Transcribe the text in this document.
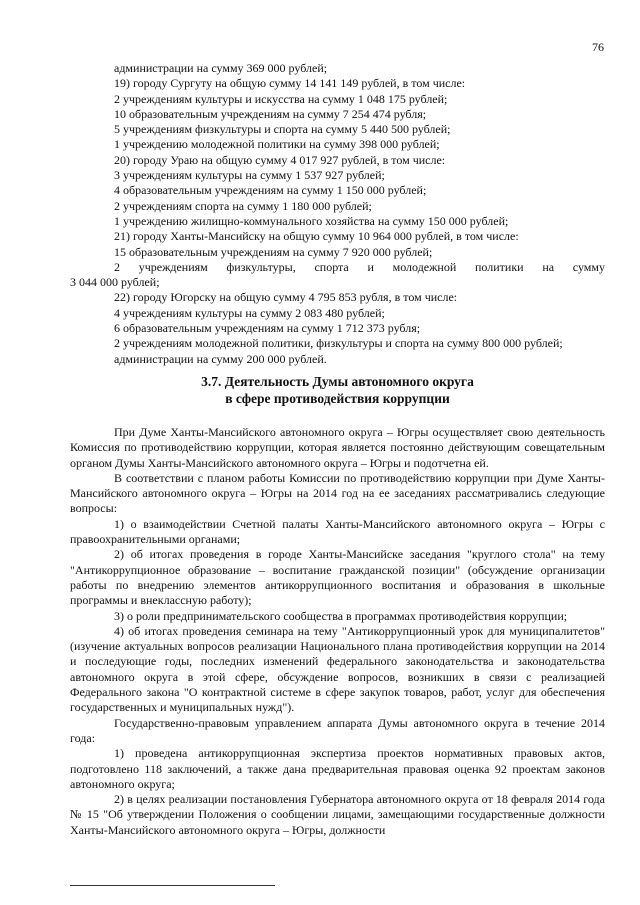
76
администрации на сумму 369 000 рублей;
19) городу Сургуту на общую сумму 14 141 149 рублей, в том числе:
2 учреждениям культуры и искусства на сумму 1 048 175 рублей;
10 образовательным учреждениям на сумму 7 254 474 рубля;
5 учреждениям физкультуры и спорта на сумму 5 440 500 рублей;
1 учреждению молодежной политики на сумму 398 000 рублей;
20) городу Ураю на общую сумму 4 017 927 рублей, в том числе:
3 учреждениям культуры на сумму 1 537 927 рублей;
4 образовательным учреждениям на сумму 1 150 000 рублей;
2 учреждениям спорта на сумму 1 180 000 рублей;
1 учреждению жилищно-коммунального хозяйства на сумму 150 000 рублей;
21) городу Ханты-Мансийску на общую сумму 10 964 000 рублей, в том числе:
15 образовательным учреждениям на сумму 7 920 000 рублей;
2 учреждениям физкультуры, спорта и молодежной политики на сумму
3 044 000 рублей;
22) городу Югорску на общую сумму 4 795 853 рубля, в том числе:
4 учреждениям культуры на сумму 2 083 480 рублей;
6 образовательным учреждениям на сумму 1 712 373 рубля;
2 учреждениям молодежной политики, физкультуры и спорта на сумму 800 000 рублей;
администрации на сумму 200 000 рублей.
3.7. Деятельность Думы автономного округа
в сфере противодействия коррупции

При Думе Ханты-Мансийского автономного округа – Югры осуществляет свою деятельность Комиссия по противодействию коррупции, которая является постоянно действующим совещательным органом Думы Ханты-Мансийского автономного округа – Югры и подотчетна ей.

В соответствии с планом работы Комиссии по противодействию коррупции при Думе Ханты-Мансийского автономного округа – Югры на 2014 год на ее заседаниях рассматривались следующие вопросы:

1) о взаимодействии Счетной палаты Ханты-Мансийского автономного округа – Югры с правоохранительными органами;

2) об итогах проведения в городе Ханты-Мансийске заседания "круглого стола" на тему "Антикоррупционное образование – воспитание гражданской позиции" (обсуждение организации работы по внедрению элементов антикоррупционного воспитания и образования в школьные программы и внеклассную работу);

3) о роли предпринимательского сообщества в программах противодействия коррупции;

4) об итогах проведения семинара на тему "Антикоррупционный урок для муниципалитетов" (изучение актуальных вопросов реализации Национального плана противодействия коррупции на 2014 и последующие годы, последних изменений федерального законодательства и законодательства автономного округа в этой сфере, обсуждение вопросов, возникших в связи с реализацией Федерального закона "О контрактной системе в сфере закупок товаров, работ, услуг для обеспечения государственных и муниципальных нужд").

Государственно-правовым управлением аппарата Думы автономного округа в течение 2014 года:

1) проведена антикоррупционная экспертиза проектов нормативных правовых актов, подготовлено 118 заключений, а также дана предварительная правовая оценка 92 проектам законов автономного округа;

2) в целях реализации постановления Губернатора автономного округа от 18 февраля 2014 года № 15 "Об утверждении Положения о сообщении лицами, замещающими государственные должности Ханты-Мансийского автономного округа – Югры, должности
